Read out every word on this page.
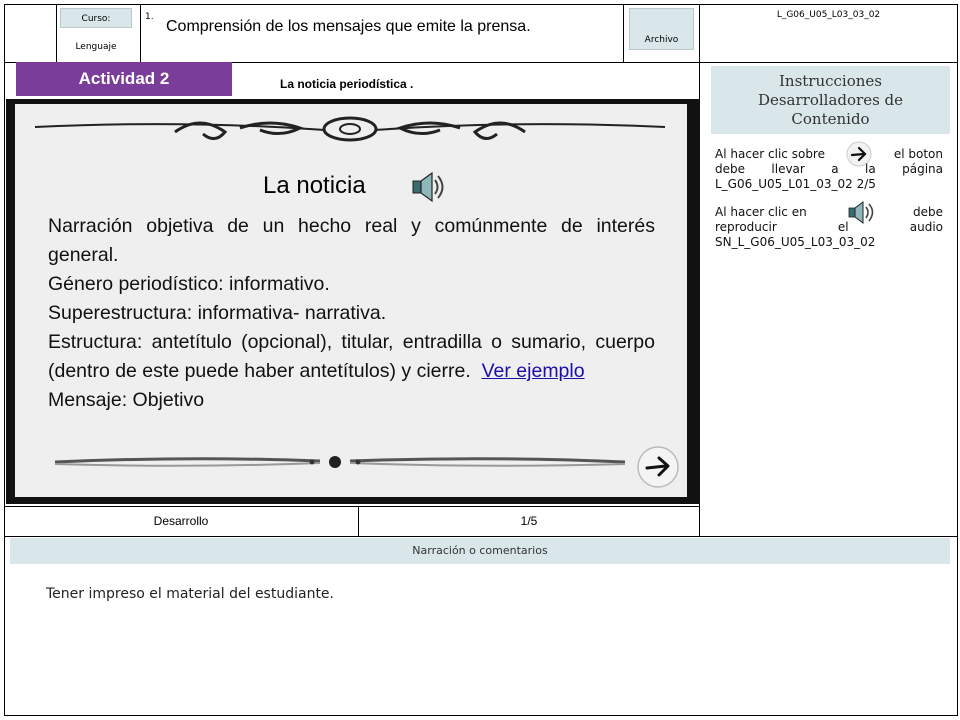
Curso:
Lenguaje
1.
Comprensión de los mensajes que emite la prensa.
Archivo
L_G06_U05_L03_03_02
Actividad 2	La noticia periodística .
La noticia

Narración objetiva de un hecho real y comúnmente de interés general.

Género periodístico: informativo.

Superestructura: informativa- narrativa.

Estructura: antetítulo (opcional), titular, entradilla o sumario, cuerpo (dentro de este puede haber antetítulos) y cierre. Ver ejemplo

Mensaje: Objetivo

Instrucciones Desarrolladores de Contenido
Al hacer clic sobre	el boton
debe llevar a la página L_G06_U05_L01_03_02 2/5
Al hacer clic en	debe
reproducir el audio SN_L_G06_U05_L03_03_02
Desarrollo	1/5
Narración o comentarios
Tener impreso el material del estudiante.
